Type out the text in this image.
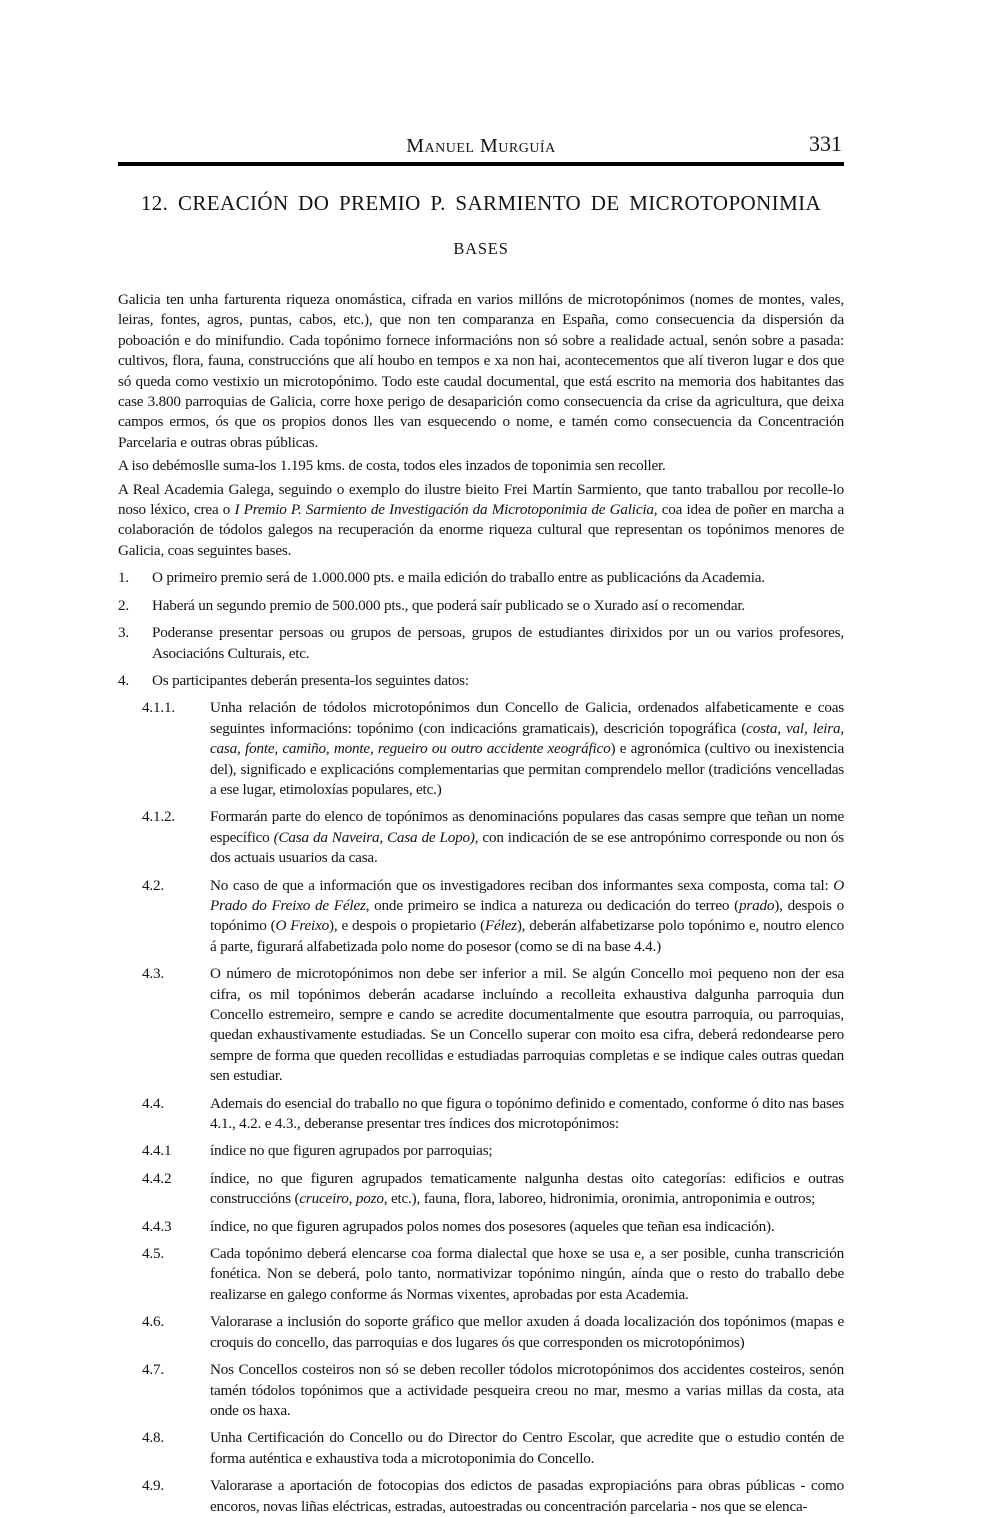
Manuel Murguía	331
12. CREACIÓN DO PREMIO P. SARMIENTO DE MICROTOPONIMIA
BASES

Galicia ten unha farturenta riqueza onomástica, cifrada en varios millóns de microtopónimos (nomes de montes, vales, leiras, fontes, agros, puntas, cabos, etc.), que non ten comparanza en España, como consecuencia da dispersión da poboación e do minifundio. Cada topónimo fornece informacións non só sobre a realidade actual, senón sobre a pasada: cultivos, flora, fauna, construccións que alí houbo en tempos e xa non hai, acontecementos que alí tiveron lugar e dos que só queda como vestixio un microtopónimo. Todo este caudal documental, que está escrito na memoria dos habitantes das case 3.800 parroquias de Galicia, corre hoxe perigo de desaparición como consecuencia da crise da agricultura, que deixa campos ermos, ós que os propios donos lles van esquecendo o nome, e tamén como consecuencia da Concentración Parcelaria e outras obras públicas.

A iso debémoslle suma-los 1.195 kms. de costa, todos eles inzados de toponimia sen recoller.

A Real Academia Galega, seguindo o exemplo do ilustre bieito Frei Martín Sarmiento, que tanto traballou por recolle-lo noso léxico, crea o I Premio P. Sarmiento de Investigación da Microtoponimia de Galicia, coa idea de poñer en marcha a colaboración de tódolos galegos na recuperación da enorme riqueza cultural que representan os topónimos menores de Galicia, coas seguintes bases.

1.	O primeiro premio será de 1.000.000 pts. e maila edición do traballo entre as publicacións da Academia.
2.	Haberá un segundo premio de 500.000 pts., que poderá saír publicado se o Xurado así o recomendar.
3.	Poderanse presentar persoas ou grupos de persoas, grupos de estudiantes dirixidos por un ou varios profesores, Asociacións Culturais, etc.
4.	Os participantes deberán presenta-los seguintes datos:
4.1.1.	Unha relación de tódolos microtopónimos dun Concello de Galicia, ordenados alfabeticamente e coas seguintes informacións: topónimo (con indicacións gramaticais), descrición topográfica (costa, val, leira, casa, fonte, camiño, monte, regueiro ou outro accidente xeográfico) e agronómica (cultivo ou inexistencia del), significado e explicacións complementarias que permitan comprendelo mellor (tradicións vencelladas a ese lugar, etimoloxías populares, etc.)
4.1.2.	Formarán parte do elenco de topónimos as denominacións populares das casas sempre que teñan un nome específico (Casa da Naveira, Casa de Lopo), con indicación de se ese antropónimo corresponde ou non ós dos actuais usuarios da casa.
4.2.	No caso de que a información que os investigadores reciban dos informantes sexa composta, coma tal: O Prado do Freixo de Félez, onde primeiro se indica a natureza ou dedicación do terreo (prado), despois o topónimo (O Freixo), e despois o propietario (Félez), deberán alfabetizarse polo topónimo e, noutro elenco á parte, figurará alfabetizada polo nome do posesor (como se di na base 4.4.)
4.3.	O número de microtopónimos non debe ser inferior a mil. Se algún Concello moi pequeno non der esa cifra, os mil topónimos deberán acadarse incluíndo a recolleita exhaustiva dalgunha parroquia dun Concello estremeiro, sempre e cando se acredite documentalmente que esoutra parroquia, ou parroquias, quedan exhaustivamente estudiadas. Se un Concello superar con moito esa cifra, deberá redondearse pero sempre de forma que queden recollidas e estudiadas parroquias completas e se indique cales outras quedan sen estudiar.
4.4.	Ademais do esencial do traballo no que figura o topónimo definido e comentado, conforme ó dito nas bases 4.1., 4.2. e 4.3., deberanse presentar tres índices dos microtopónimos:
4.4.1	índice no que figuren agrupados por parroquias;
4.4.2	índice, no que figuren agrupados tematicamente nalgunha destas oito categorías: edificios e outras construccións (cruceiro, pozo, etc.), fauna, flora, laboreo, hidronimia, oronimia, antroponimia e outros;
4.4.3	índice, no que figuren agrupados polos nomes dos posesores (aqueles que teñan esa indicación).
4.5.	Cada topónimo deberá elencarse coa forma dialectal que hoxe se usa e, a ser posible, cunha transcrición fonética. Non se deberá, polo tanto, normativizar topónimo ningún, aínda que o resto do traballo debe realizarse en galego conforme ás Normas vixentes, aprobadas por esta Academia.
4.6.	Valorarase a inclusión do soporte gráfico que mellor axuden á doada localización dos topónimos (mapas e croquis do concello, das parroquias e dos lugares ós que corresponden os microtopónimos)
4.7.	Nos Concellos costeiros non só se deben recoller tódolos microtopónimos dos accidentes costeiros, senón tamén tódolos topónimos que a actividade pesqueira creou no mar, mesmo a varias millas da costa, ata onde os haxa.
4.8.	Unha Certificación do Concello ou do Director do Centro Escolar, que acredite que o estudio contén de forma auténtica e exhaustiva toda a microtoponimia do Concello.
4.9.	Valorarase a aportación de fotocopias dos edictos de pasadas expropiacións para obras públicas - como encoros, novas liñas eléctricas, estradas, autoestradas ou concentración parcelaria - nos que se elenca-
